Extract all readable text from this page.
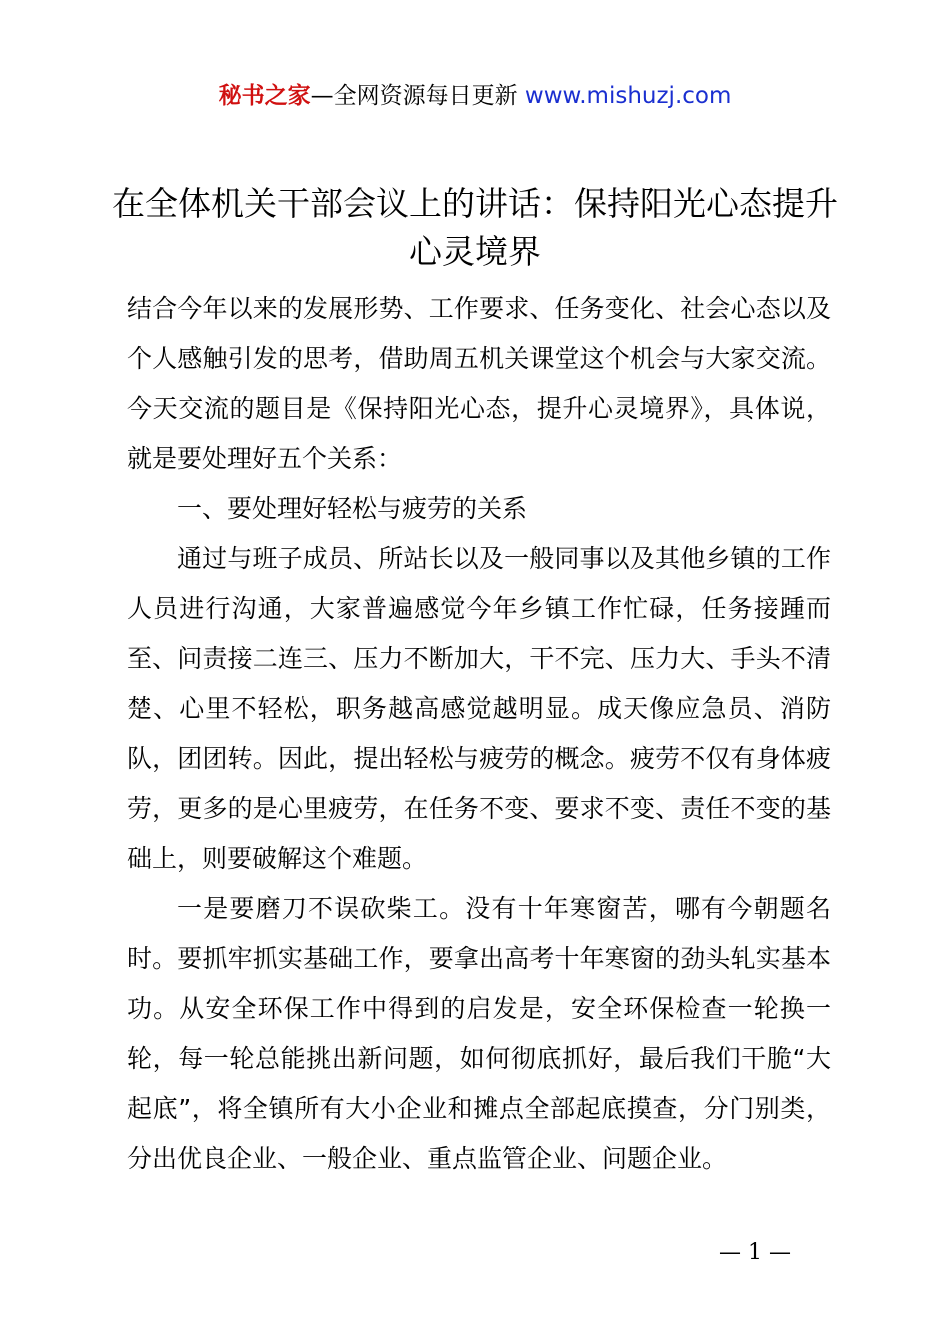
秘书之家—全网资源每日更新 www.mishuzj.com
在全体机关干部会议上的讲话：保持阳光心态提升心灵境界

结合今年以来的发展形势、工作要求、任务变化、社会心态以及个人感触引发的思考，借助周五机关课堂这个机会与大家交流。今天交流的题目是《保持阳光心态，提升心灵境界》，具体说，就是要处理好五个关系：

一、要处理好轻松与疲劳的关系

通过与班子成员、所站长以及一般同事以及其他乡镇的工作人员进行沟通，大家普遍感觉今年乡镇工作忙碌，任务接踵而至、问责接二连三、压力不断加大，干不完、压力大、手头不清楚、心里不轻松，职务越高感觉越明显。成天像应急员、消防队，团团转。因此，提出轻松与疲劳的概念。疲劳不仅有身体疲劳，更多的是心里疲劳，在任务不变、要求不变、责任不变的基础上，则要破解这个难题。

一是要磨刀不误砍柴工。没有十年寒窗苦，哪有今朝题名时。要抓牢抓实基础工作，要拿出高考十年寒窗的劲头轧实基本功。从安全环保工作中得到的启发是，安全环保检查一轮换一轮，每一轮总能挑出新问题，如何彻底抓好，最后我们干脆“大起底”，将全镇所有大小企业和摊点全部起底摸查，分门别类，分出优良企业、一般企业、重点监管企业、问题企业。

— 1 —
